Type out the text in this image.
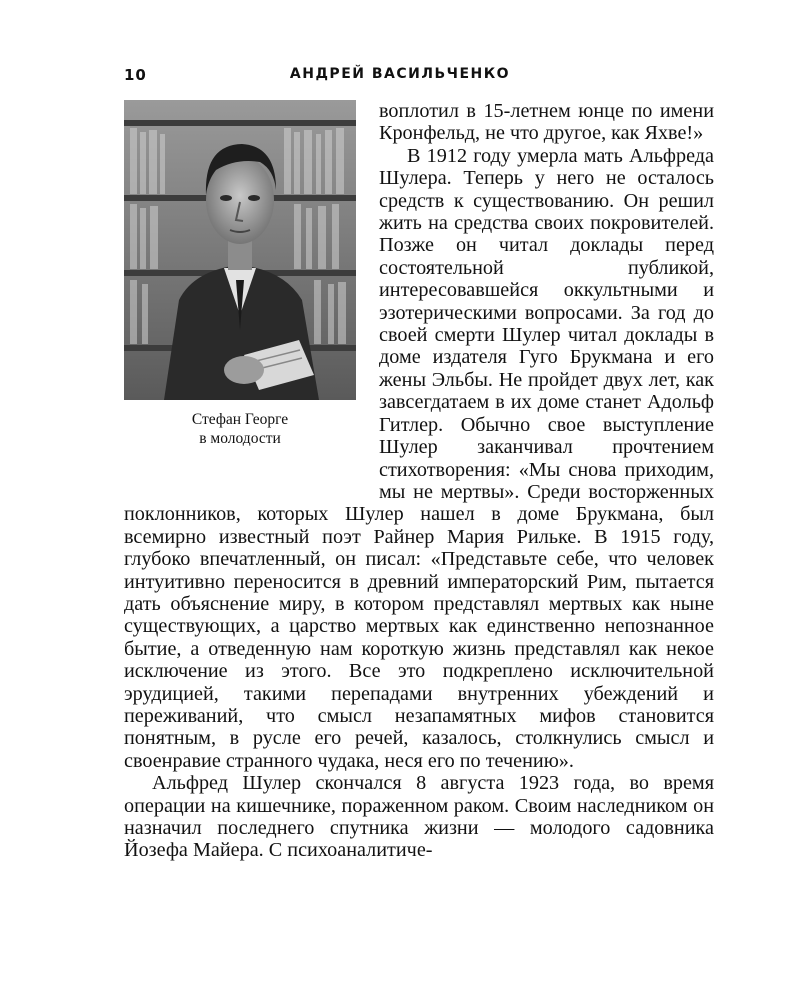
10	АНДРЕЙ ВАСИЛЬЧЕНКО
Стефан Георге
в молодости

воплотил в 15-летнем юнце по имени Кронфельд, не что другое, как Яхве!»

В 1912 году умерла мать Альфреда Шулера. Теперь у него не осталось средств к существованию. Он решил жить на средства своих покровителей. Позже он читал доклады перед состоятельной публикой, интересовавшейся оккультными и эзотерическими вопросами. За год до своей смерти Шулер читал доклады в доме издателя Гуго Брукмана и его жены Эльбы. Не пройдет двух лет, как завсегдатаем в их доме станет Адольф Гитлер. Обычно свое выступление Шулер заканчивал прочтением стихотворения: «Мы снова приходим, мы не мертвы». Среди восторженных поклонников, которых Шулер нашел в доме Брукмана, был всемирно известный поэт Райнер Мария Рильке. В 1915 году, глубоко впечатленный, он писал: «Представьте себе, что человек интуитивно переносится в древний императорский Рим, пытается дать объяснение миру, в котором представлял мертвых как ныне существующих, а царство мертвых как единственно непознанное бытие, а отведенную нам короткую жизнь представлял как некое исключение из этого. Все это подкреплено исключительной эрудицией, такими перепадами внутренних убеждений и переживаний, что смысл незапамятных мифов становится понятным, в русле его речей, казалось, столкнулись смысл и своенравие странного чудака, неся его по течению».

Альфред Шулер скончался 8 августа 1923 года, во время операции на кишечнике, пораженном раком. Своим наследником он назначил последнего спутника жизни — молодого садовника Йозефа Майера. С психоаналитиче-
